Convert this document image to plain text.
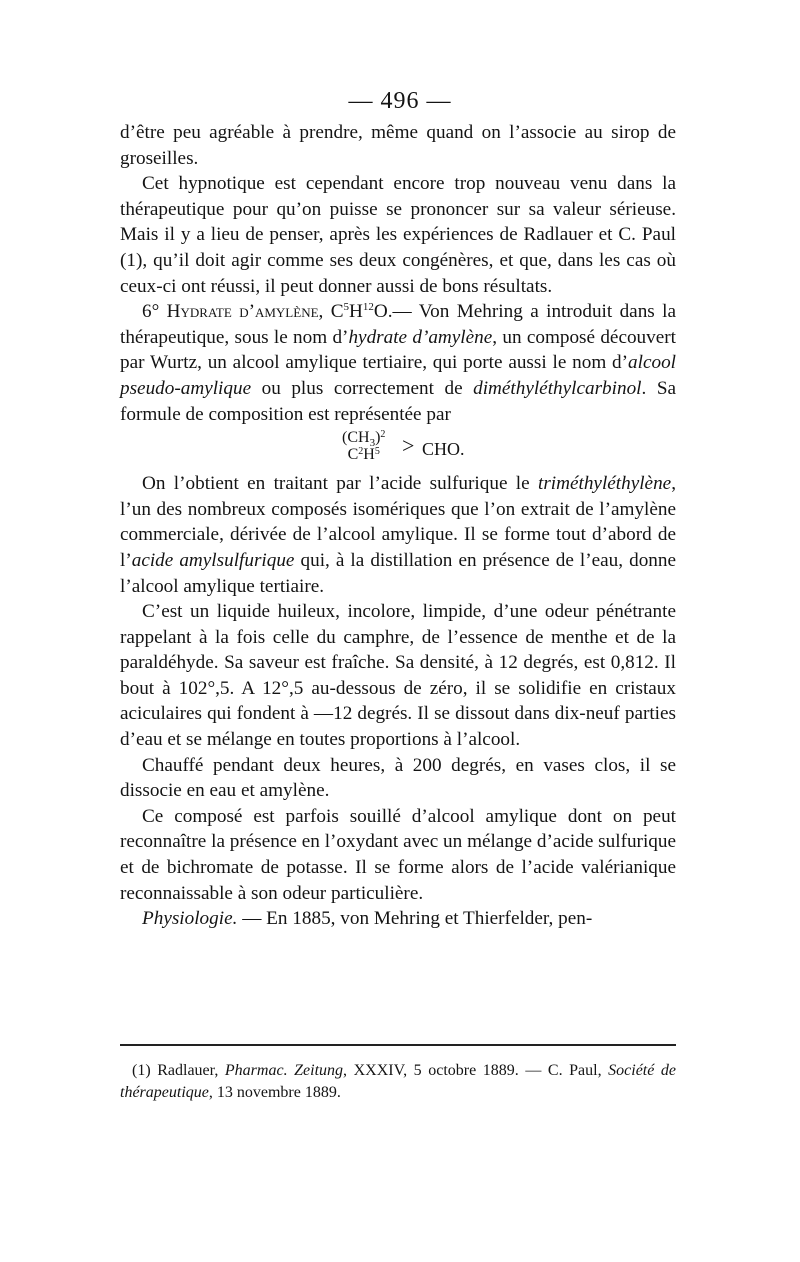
— 496 —

d’être peu agréable à prendre, même quand on l’associe au sirop de groseilles.

Cet hypnotique est cependant encore trop nouveau venu dans la thérapeutique pour qu’on puisse se prononcer sur sa valeur sérieuse. Mais il y a lieu de penser, après les expériences de Radlauer et C. Paul (1), qu’il doit agir comme ses deux congénères, et que, dans les cas où ceux-ci ont réussi, il peut donner aussi de bons résultats.

6° Hydrate d’amylène, $C^5H^{12}O.—$ Von Mehring a introduit dans la thérapeutique, sous le nom d’hydrate d’amylène, un composé découvert par Wurtz, un alcool amylique tertiaire, qui porte aussi le nom d’alcool pseudo-amylique ou plus correctement de diméthyléthylcarbinol. Sa formule de composition est représentée par

$(CH_3)^2$
$C^2H^5$ > CHO.

On l’obtient en traitant par l’acide sulfurique le triméthyléthylène, l’un des nombreux composés isomériques que l’on extrait de l’amylène commerciale, dérivée de l’alcool amylique. Il se forme tout d’abord de l’acide amylsulfurique qui, à la distillation en présence de l’eau, donne l’alcool amylique tertiaire.

C’est un liquide huileux, incolore, limpide, d’une odeur pénétrante rappelant à la fois celle du camphre, de l’essence de menthe et de la paraldéhyde. Sa saveur est fraîche. Sa densité, à 12 degrés, est 0,812. Il bout à 102°,5. A 12°,5 au-dessous de zéro, il se solidifie en cristaux aciculaires qui fondent à —12 degrés. Il se dissout dans dix-neuf parties d’eau et se mélange en toutes proportions à l’alcool.

Chauffé pendant deux heures, à 200 degrés, en vases clos, il se dissocie en eau et amylène.

Ce composé est parfois souillé d’alcool amylique dont on peut reconnaître la présence en l’oxydant avec un mélange d’acide sulfurique et de bichromate de potasse. Il se forme alors de l’acide valérianique reconnaissable à son odeur particulière.

Physiologie. — En 1885, von Mehring et Thierfelder, pen-

(1) Radlauer, Pharmac. Zeitung, XXXIV, 5 octobre 1889. — C. Paul, Société de thérapeutique, 13 novembre 1889.
